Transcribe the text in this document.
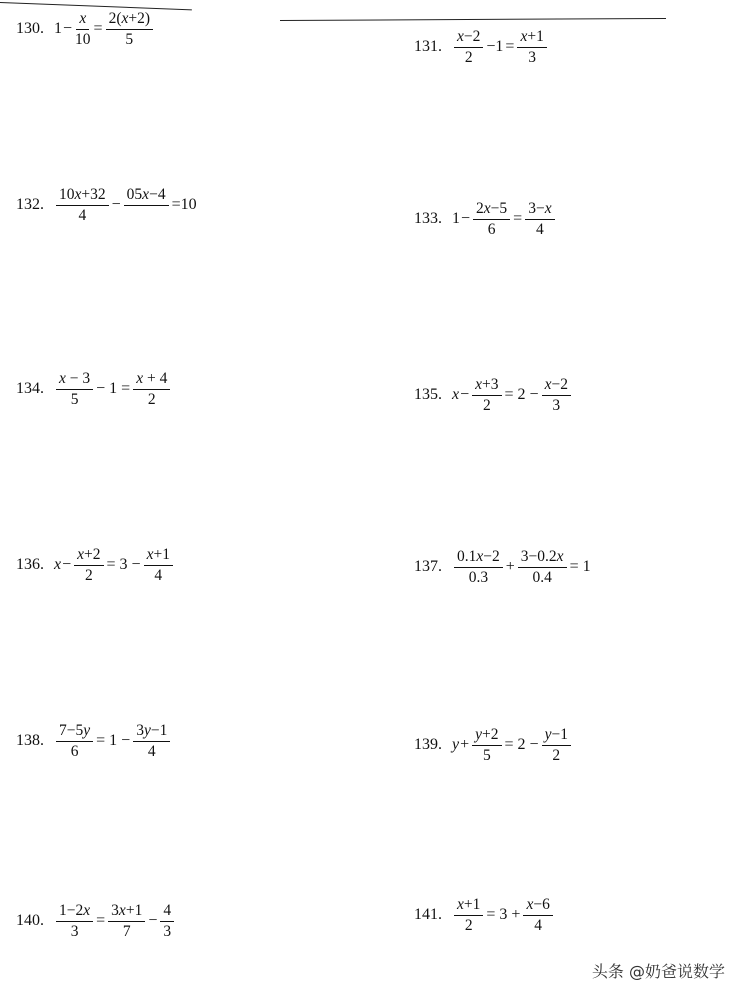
130. $1 - \frac{x}{10} = \frac{2(x+2)}{5}$	131. $\frac{x-2}{2} -1 = \frac{x+1}{3}$
132. $\frac{10x+32}{4}$ −
05x−4

=10
133. $1 - \frac{2x-5}{6} = \frac{3-x}{4}$
134. $\frac{x - 3}{5} - 1 = \frac{x + 4}{2}$	135. $x - \frac{x+3}{2} = 2 - \frac{x-2}{3}$
136. $x - \frac{x+2}{2} = 3 - \frac{x+1}{4}$	137. $\frac{0.1x-2}{0.3} + \frac{3-0.2x}{0.4} = 1$
138. $\frac{7-5y}{6} = 1 - \frac{3y-1}{4}$	139. $y + \frac{y+2}{5} = 2 - \frac{y-1}{2}$
140. $\frac{1-2x}{3} = \frac{3x+1}{7} - \frac{4}{3}$	141. $\frac{x+1}{2} = 3 + \frac{x-6}{4}$
头条 @奶爸说数学
